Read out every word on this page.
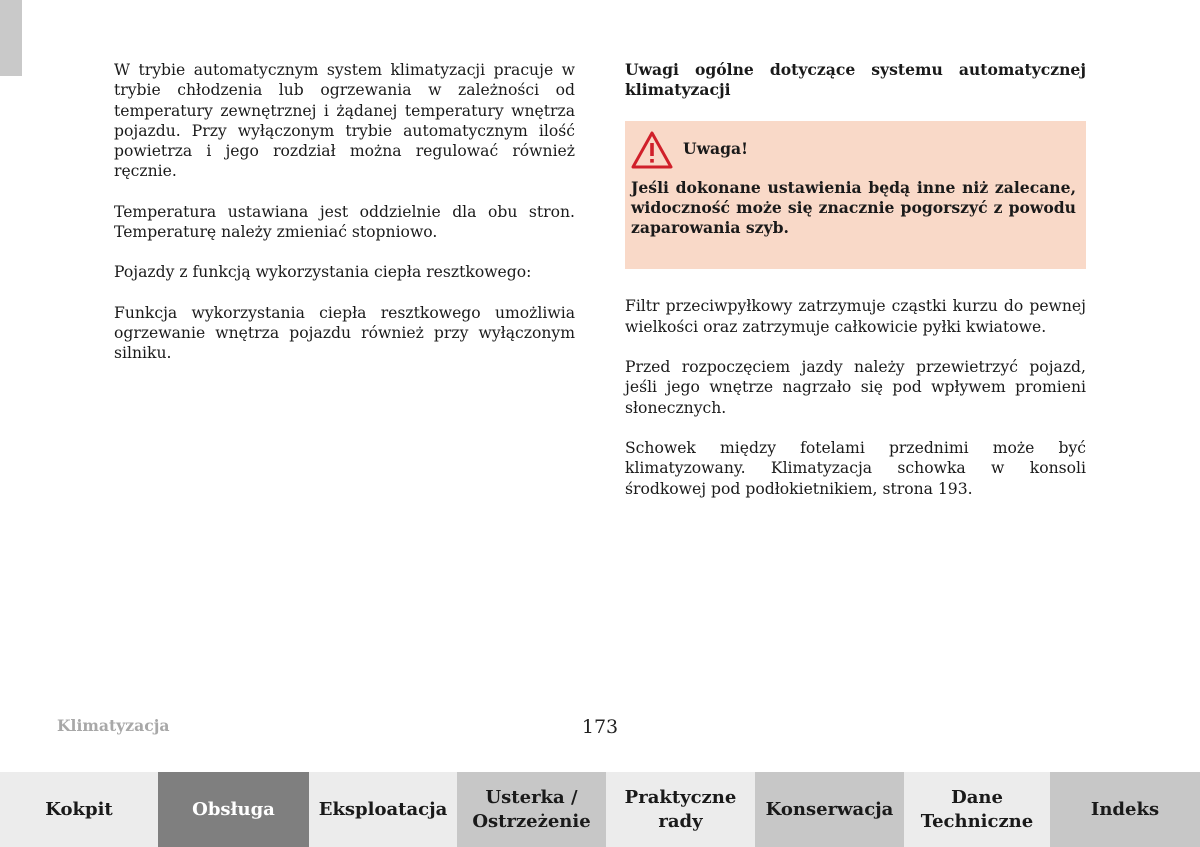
W trybie automatycznym system klimatyzacji pracuje w trybie chłodzenia lub ogrzewania w zależności od temperatury zewnętrznej i żądanej temperatury wnętrza pojazdu. Przy wyłączonym trybie automatycznym ilość powietrza i jego rozdział można regulować również ręcznie.

Temperatura ustawiana jest oddzielnie dla obu stron. Temperaturę należy zmieniać stopniowo.

Pojazdy z funkcją wykorzystania ciepła resztkowego:

Funkcja wykorzystania ciepła resztkowego umożliwia ogrzewanie wnętrza pojazdu również przy wyłączonym silniku.

Uwagi ogólne dotyczące systemu automatycznej klimatyzacji

Uwaga!

Jeśli dokonane ustawienia będą inne niż zalecane, widoczność może się znacznie pogorszyć z powodu zaparowania szyb.

Filtr przeciwpyłkowy zatrzymuje cząstki kurzu do pewnej wielkości oraz zatrzymuje całkowicie pyłki kwiatowe.

Przed rozpoczęciem jazdy należy przewietrzyć pojazd, jeśli jego wnętrze nagrzało się pod wpływem promieni słonecznych.

Schowek między fotelami przednimi może być klimatyzowany. Klimatyzacja schowka w konsoli środkowej pod podłokietnikiem, strona 193.

Klimatyzacja	173
Kokpit	Obsługa	Eksploatacja
Usterka /
Ostrzeżenie
Praktyczne
rady
Konserwacja
Dane
Techniczne
Indeks
